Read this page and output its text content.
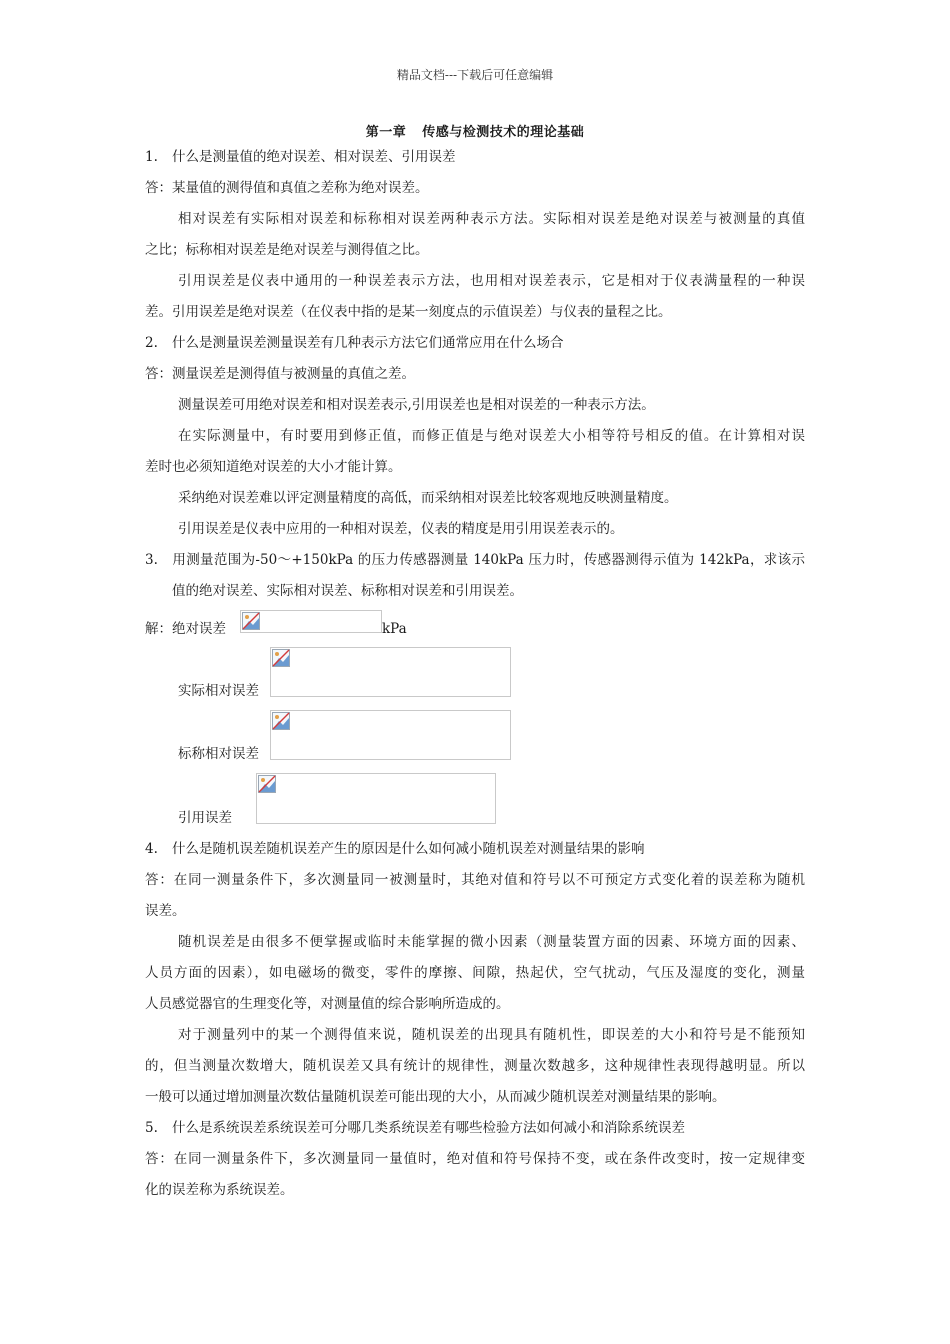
精品文档---下载后可任意编辑
第一章 传感与检测技术的理论基础
1. 什么是测量值的绝对误差、相对误差、引用误差
答：某量值的测得值和真值之差称为绝对误差。
相对误差有实际相对误差和标称相对误差两种表示方法。实际相对误差是绝对误差与被测量的真值
之比；标称相对误差是绝对误差与测得值之比。
引用误差是仪表中通用的一种误差表示方法，也用相对误差表示，它是相对于仪表满量程的一种误
差。引用误差是绝对误差（在仪表中指的是某一刻度点的示值误差）与仪表的量程之比。
2. 什么是测量误差测量误差有几种表示方法它们通常应用在什么场合
答：测量误差是测得值与被测量的真值之差。
测量误差可用绝对误差和相对误差表示,引用误差也是相对误差的一种表示方法。
在实际测量中，有时要用到修正值，而修正值是与绝对误差大小相等符号相反的值。在计算相对误
差时也必须知道绝对误差的大小才能计算。
采纳绝对误差难以评定测量精度的高低，而采纳相对误差比较客观地反映测量精度。
引用误差是仪表中应用的一种相对误差，仪表的精度是用引用误差表示的。
3. 用测量范围为-50～+150kPa 的压力传感器测量 140kPa 压力时，传感器测得示值为 142kPa，求该示
值的绝对误差、实际相对误差、标称相对误差和引用误差。
解：绝对误差	kPa
实际相对误差
标称相对误差
引用误差
4. 什么是随机误差随机误差产生的原因是什么如何减小随机误差对测量结果的影响
答：在同一测量条件下，多次测量同一被测量时，其绝对值和符号以不可预定方式变化着的误差称为随机
误差。
随机误差是由很多不便掌握或临时未能掌握的微小因素（测量装置方面的因素、环境方面的因素、
人员方面的因素），如电磁场的微变，零件的摩擦、间隙，热起伏，空气扰动，气压及湿度的变化，测量
人员感觉器官的生理变化等，对测量值的综合影响所造成的。
对于测量列中的某一个测得值来说，随机误差的出现具有随机性，即误差的大小和符号是不能预知
的，但当测量次数增大，随机误差又具有统计的规律性，测量次数越多，这种规律性表现得越明显。所以
一般可以通过增加测量次数估量随机误差可能出现的大小，从而减少随机误差对测量结果的影响。
5. 什么是系统误差系统误差可分哪几类系统误差有哪些检验方法如何减小和消除系统误差
答：在同一测量条件下，多次测量同一量值时，绝对值和符号保持不变，或在条件改变时，按一定规律变
化的误差称为系统误差。
